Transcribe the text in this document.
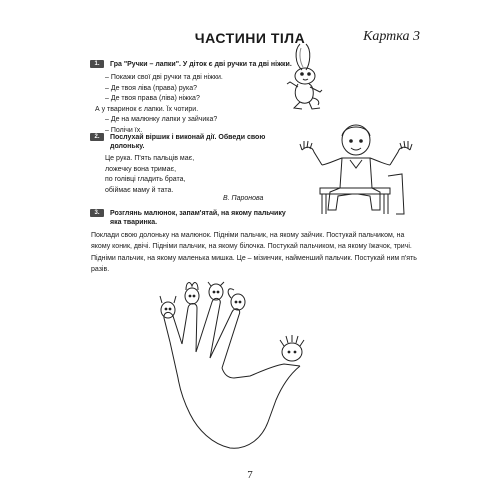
ЧАСТИНИ ТІЛА	Картка 3
1. Гра "Ручки – лапки". У діток є дві ручки та дві ніжки.
– Покажи свої дві ручки та дві ніжки.
– Де твоя ліва (права) рука?
– Де твоя права (ліва) ніжка?
А у тваринок є лапки. Їх чотири.
– Де на малюнку лапки у зайчика?
– Полічи їх.
2. Послухай віршик і виконай дії. Обведи свою долоньку.
Це рука. П'ять пальців має,
ложечку вона тримає,
по голівці гладить брата,
обіймає маму й тата.
В. Паронова
3. Розглянь малюнок, запам'ятай, на якому пальчику яка тваринка.
Поклади свою долоньку на малюнок. Підніми пальчик, на якому зайчик. Постукай пальчиком, на якому коник, двічі. Підніми пальчик, на якому білочка. Постукай пальчиком, на якому їжачок, тричі. Підніми пальчик, на якому маленька мишка. Це – мізинчик, найменший пальчик. Постукай ним п'ять разів.
7
